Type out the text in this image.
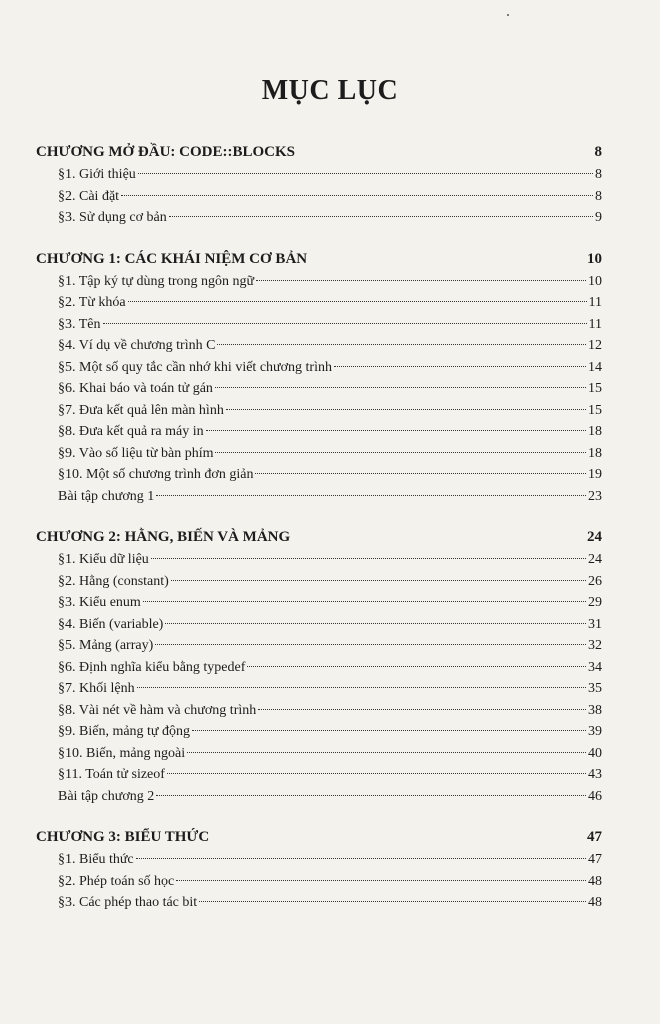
MỤC LỤC
CHƯƠNG MỞ ĐẦU: CODE::BLOCKS	8
§1. Giới thiệu	8
§2. Cài đặt	8
§3. Sử dụng cơ bản	9
CHƯƠNG 1: CÁC KHÁI NIỆM CƠ BẢN	10
§1. Tập ký tự dùng trong ngôn ngữ	10
§2. Từ khóa	11
§3. Tên	11
§4. Ví dụ về chương trình C	12
§5. Một số quy tắc cần nhớ khi viết chương trình	14
§6. Khai báo và toán tử gán	15
§7. Đưa kết quả lên màn hình	15
§8. Đưa kết quả ra máy in	18
§9. Vào số liệu từ bàn phím	18
§10. Một số chương trình đơn giản	19
Bài tập chương 1	23
CHƯƠNG 2: HẰNG, BIẾN VÀ MẢNG	24
§1. Kiểu dữ liệu	24
§2. Hằng (constant)	26
§3. Kiểu enum	29
§4. Biến (variable)	31
§5. Mảng (array)	32
§6. Định nghĩa kiểu bằng typedef	34
§7. Khối lệnh	35
§8. Vài nét về hàm và chương trình	38
§9. Biến, mảng tự động	39
§10. Biến, mảng ngoài	40
§11. Toán tử sizeof	43
Bài tập chương 2	46
CHƯƠNG 3: BIỂU THỨC	47
§1. Biểu thức	47
§2. Phép toán số học	48
§3. Các phép thao tác bit	48
